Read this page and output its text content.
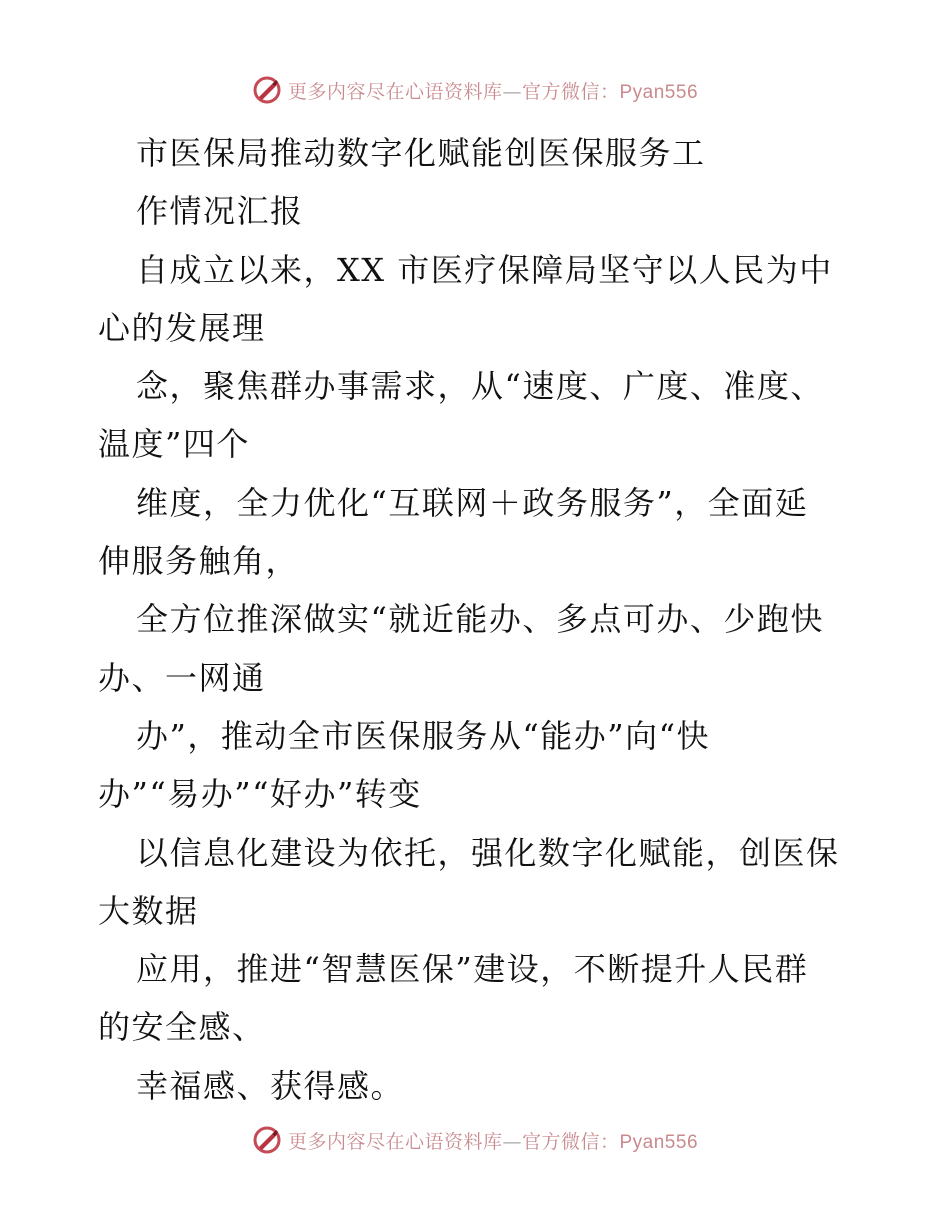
更多内容尽在心语资料库—官方微信：Pyan556
市医保局推动数字化赋能创医保服务工
作情况汇报
自成立以来，XX 市医疗保障局坚守以人民为中
心的发展理
念，聚焦群办事需求，从“速度、广度、准度、
温度”四个
维度，全力优化“互联网＋政务服务”，全面延
伸服务触角，
全方位推深做实“就近能办、多点可办、少跑快
办、一网通
办”，推动全市医保服务从“能办”向“快
办”“易办”“好办”转变
以信息化建设为依托，强化数字化赋能，创医保
大数据
应用，推进“智慧医保”建设，不断提升人民群
的安全感、
幸福感、获得感。
更多内容尽在心语资料库—官方微信：Pyan556
